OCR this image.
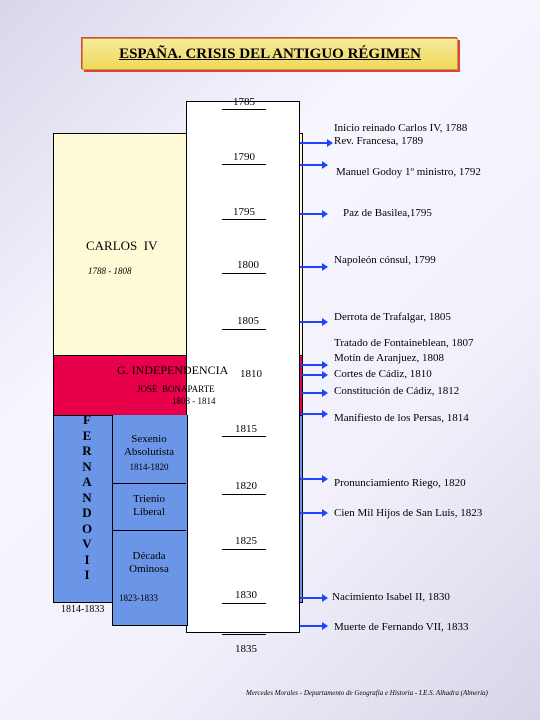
ESPAÑA. CRISIS DEL ANTIGUO RÉGIMEN
1785
1790
1795
1800
1805
1810
1815
1820
1825
1830
1835
CARLOS  IV
1788 - 1808
G. INDEPENDENCIA
JOSÉ  BONAPARTE
1808 - 1814
F
E
R
N
A
N
D
O
V
I
I
1814-1833
Sexenio
Absolutista
1814-1820
Trienio
Liberal
Década
Ominosa
1823-1833
Inicio reinado Carlos IV, 1788
Rev. Francesa, 1789
Manuel Godoy 1º ministro, 1792
Paz de Basilea,1795
Napoleón cónsul, 1799
Derrota de Trafalgar, 1805
Tratado de Fontaineblean, 1807
Motín de Aranjuez, 1808
Cortes de Cádiz, 1810
Constitución de Cádiz, 1812
Manifiesto de los Persas, 1814
Pronunciamiento Riego, 1820
Cien Mil Hijos de San Luis, 1823
Nacimiento Isabel II, 1830
Muerte de Fernando VII, 1833
Mercedes Morales - Departamento de Geografía e Historia - I.E.S. Alhadra (Almería)
